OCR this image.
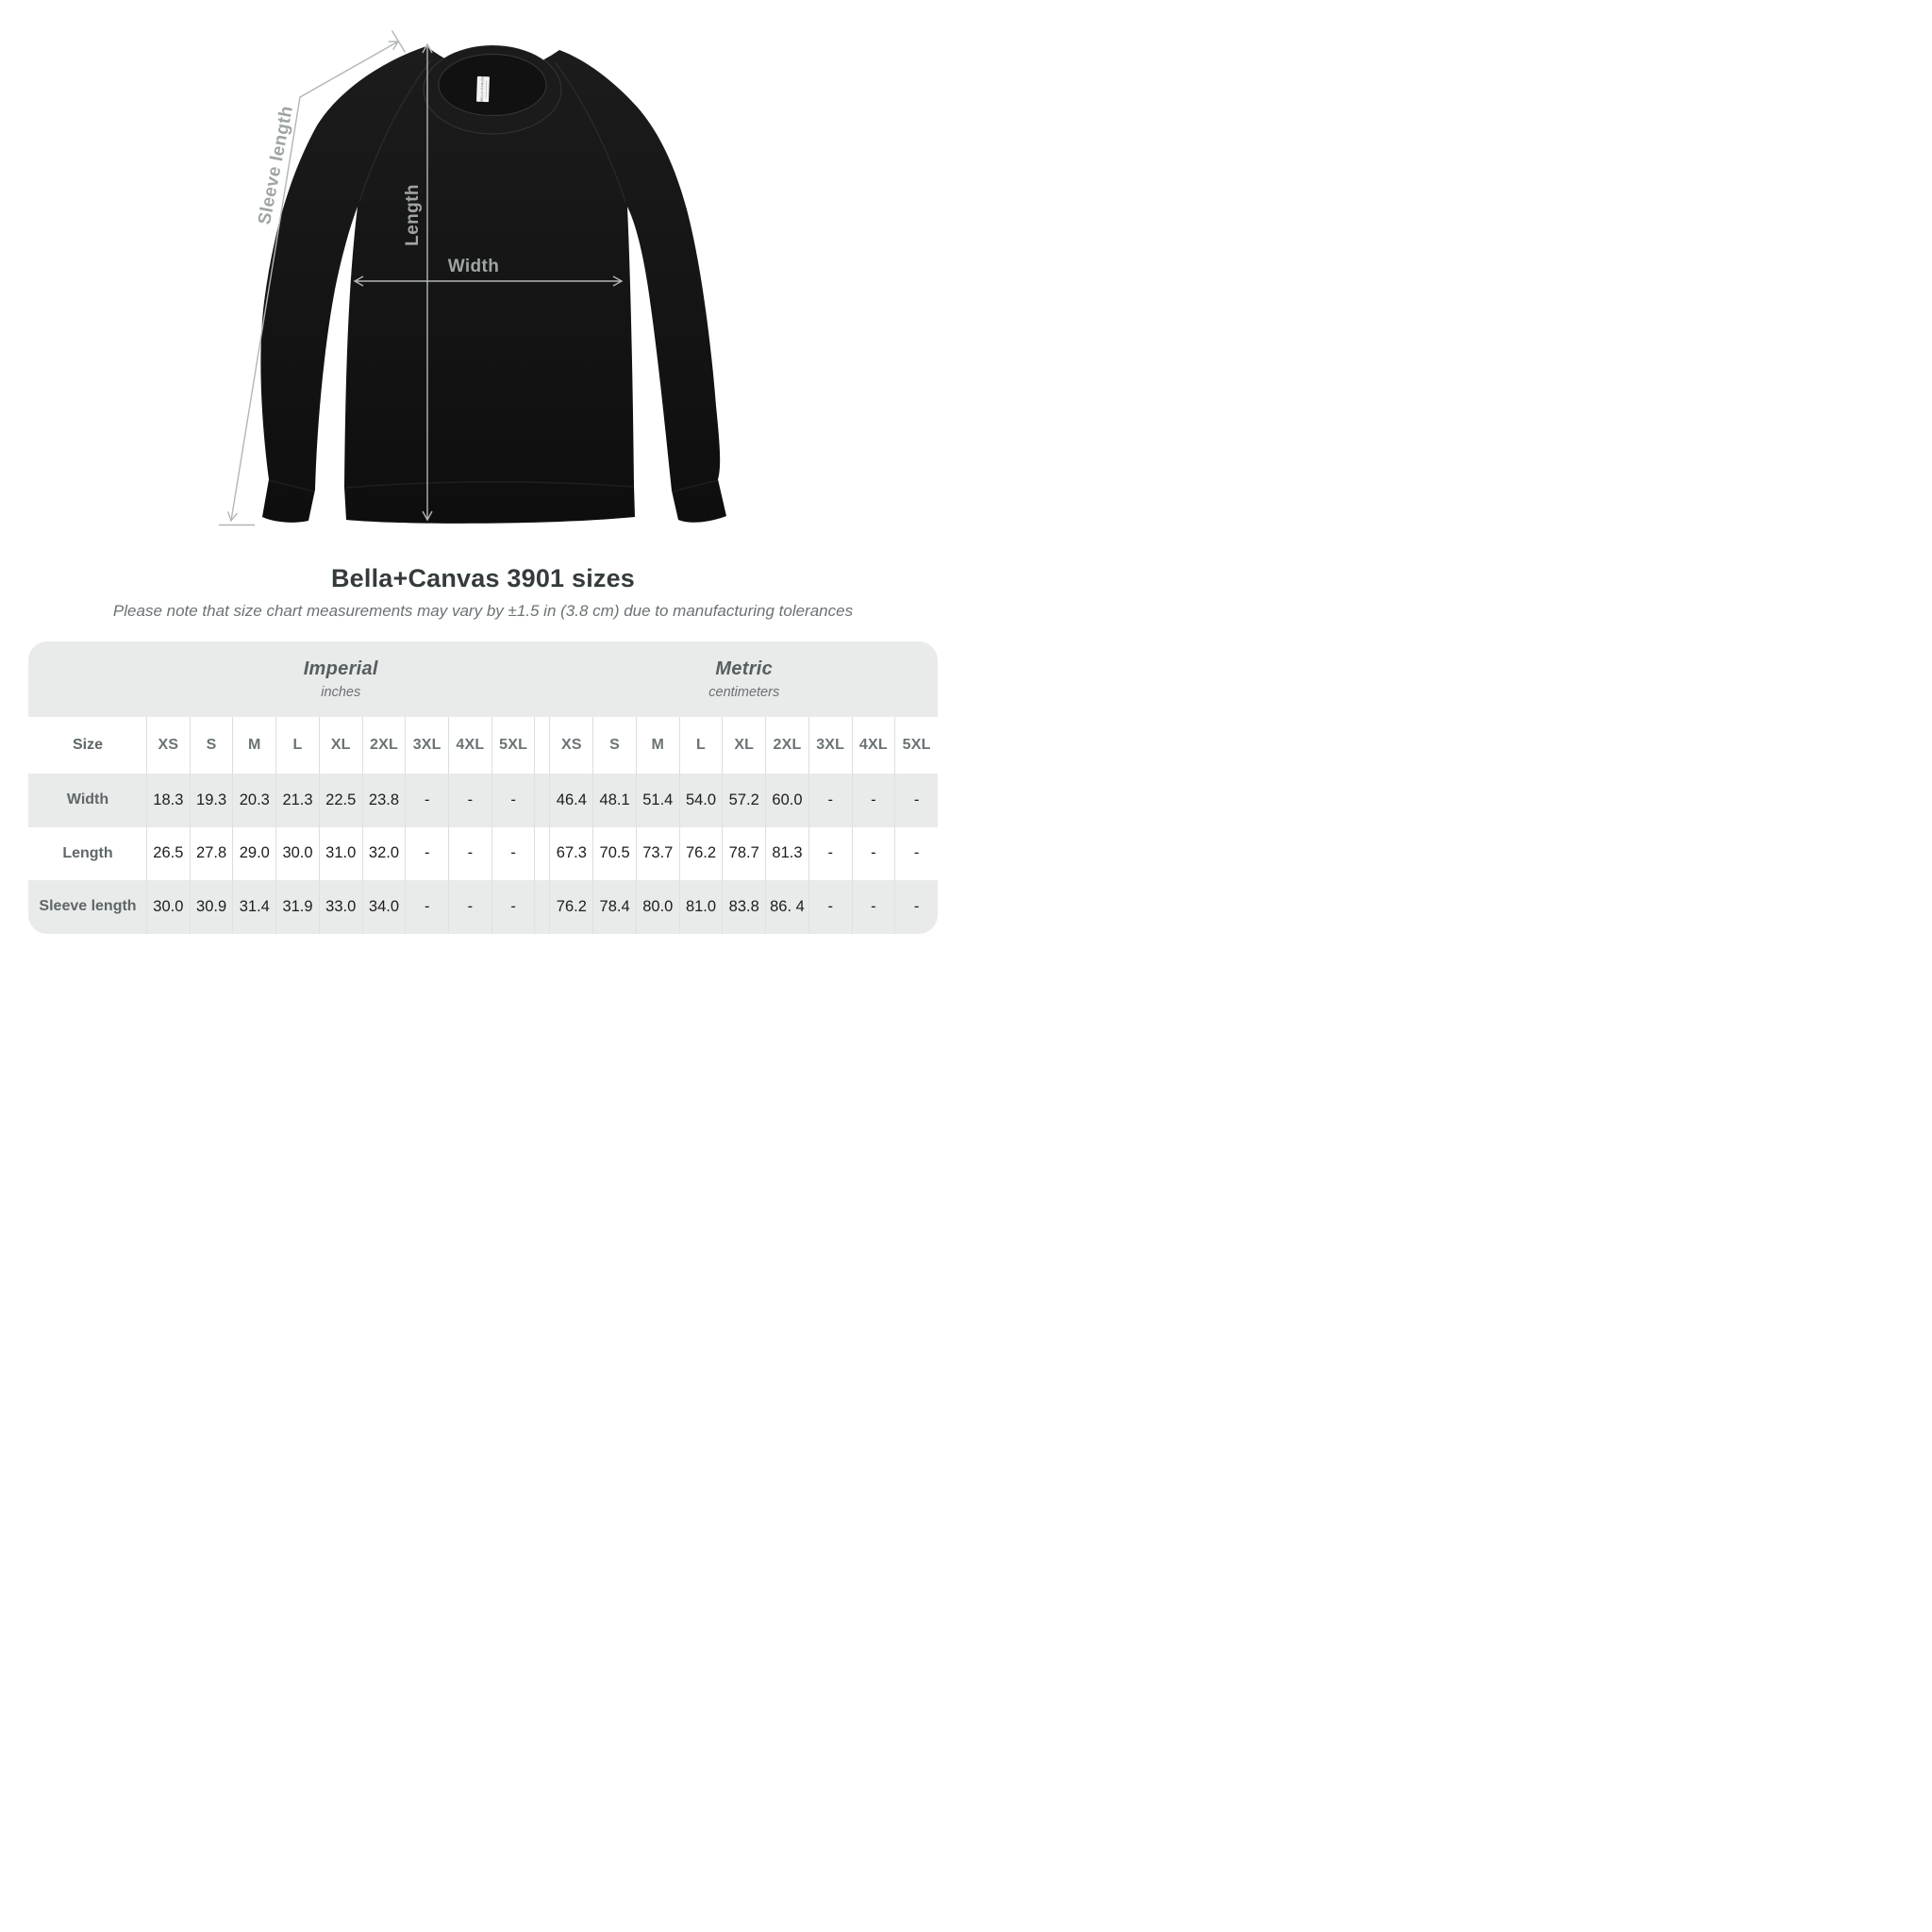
BELLA+CANVAS
Sleeve length	Length
Width
Bella+Canvas 3901 sizes

Please note that size chart measurements may vary by ±1.5 in (3.8 cm) due to manufacturing tolerances

Imperial
inches
Metric
centimeters
Size	XS S M L XL 2XL 3XL 4XL 5XL XS S M L XL 2XL 3XL 4XL 5XL
Width	18.3 19.3 20.3 21.3 22.5 23.8 - - -	46.4 48.1 51.4 54.0 57.2 60.0 - - -
Length	26.5 27.8 29.0 30.0 31.0 32.0 - - -	67.3 70.5 73.7 76.2 78.7 81.3 - - -
Sleeve length 30.0 30.9 31.4 31.9 33.0 34.0 - - -	76.2 78.4 80.0 81.0 83.8 86. 4 - - -
